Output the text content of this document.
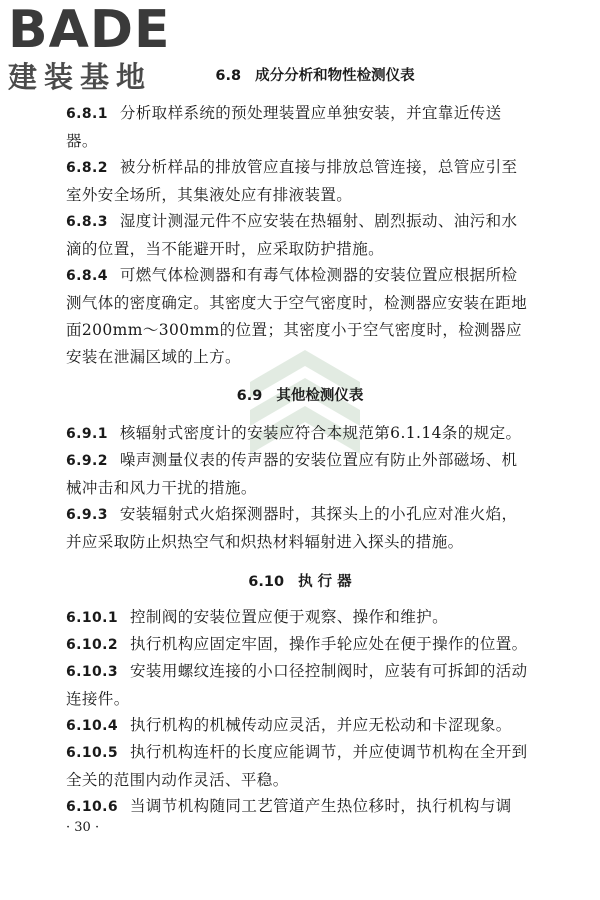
BADE
建装基地	6.8 成分分析和物性检测仪表
6.8.1 分析取样系统的预处理装置应单独安装，并宜靠近传送器。
6.8.2 被分析样品的排放管应直接与排放总管连接，总管应引至室外安全场所，其集液处应有排液装置。
6.8.3 湿度计测湿元件不应安装在热辐射、剧烈振动、油污和水滴的位置，当不能避开时，应采取防护措施。
6.8.4 可燃气体检测器和有毒气体检测器的安装位置应根据所检测气体的密度确定。其密度大于空气密度时，检测器应安装在距地面200mm～300mm的位置；其密度小于空气密度时，检测器应安装在泄漏区域的上方。
6.9 其他检测仪表
6.9.1 核辐射式密度计的安装应符合本规范第6.1.14条的规定。
6.9.2 噪声测量仪表的传声器的安装位置应有防止外部磁场、机械冲击和风力干扰的措施。
6.9.3 安装辐射式火焰探测器时，其探头上的小孔应对准火焰，并应采取防止炽热空气和炽热材料辐射进入探头的措施。
6.10 执 行 器
6.10.1 控制阀的安装位置应便于观察、操作和维护。
6.10.2 执行机构应固定牢固，操作手轮应处在便于操作的位置。
6.10.3 安装用螺纹连接的小口径控制阀时，应装有可拆卸的活动连接件。
6.10.4 执行机构的机械传动应灵活，并应无松动和卡涩现象。
6.10.5 执行机构连杆的长度应能调节，并应使调节机构在全开到全关的范围内动作灵活、平稳。
6.10.6 当调节机构随同工艺管道产生热位移时，执行机构与调
· 30 ·
